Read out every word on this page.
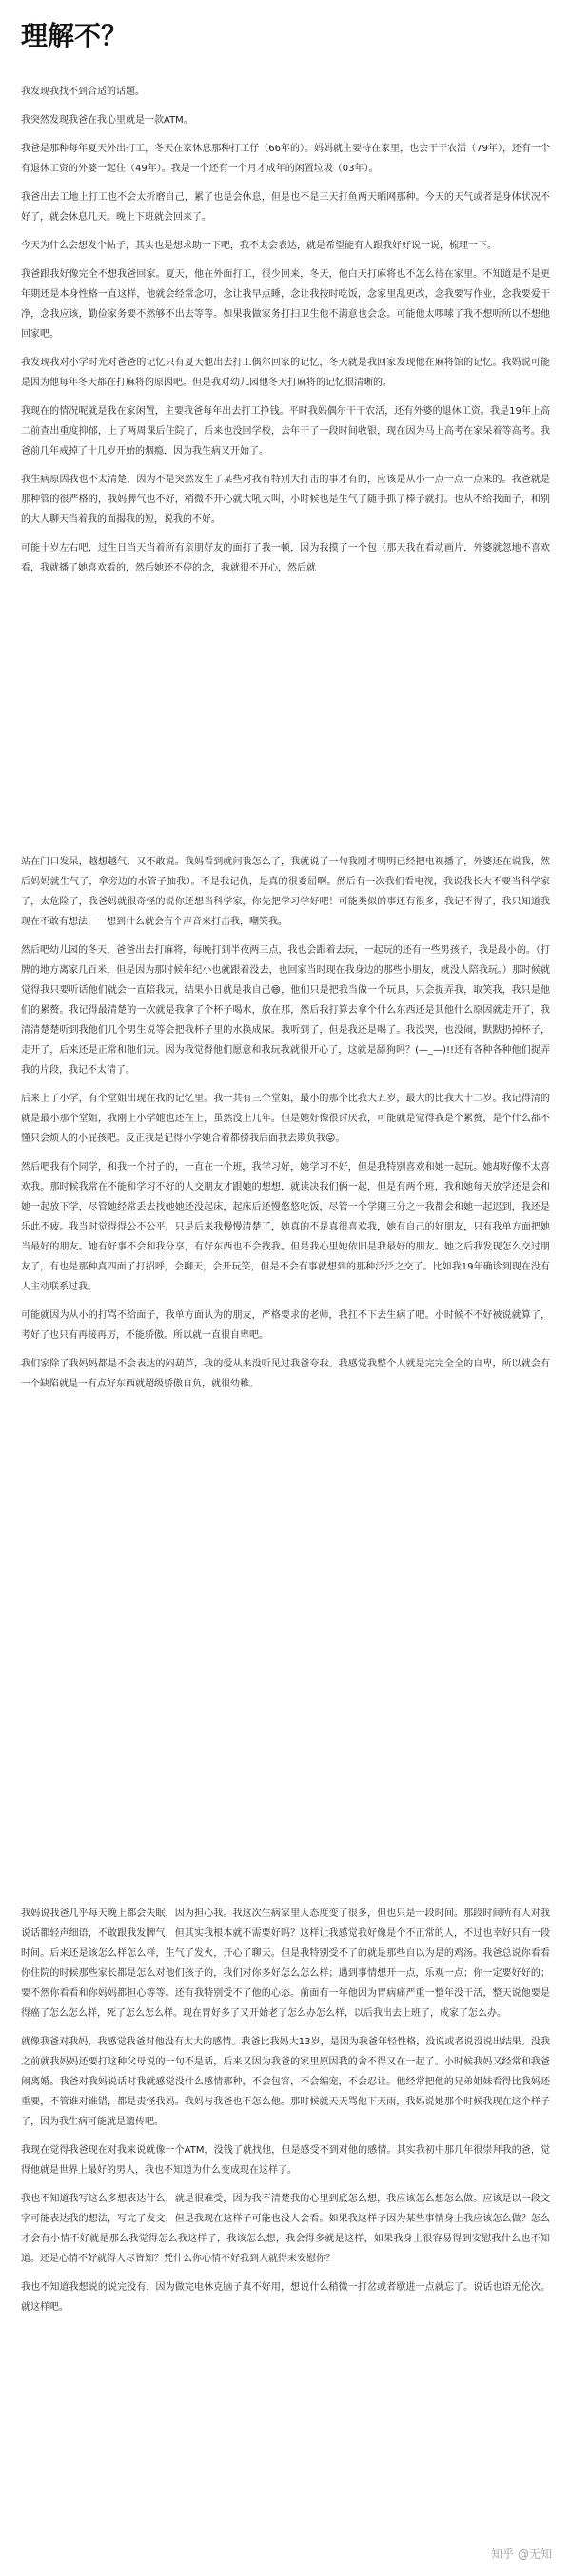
理解不？

我发现我找不到合适的话题。

我突然发现我爸在我心里就是一款ATM。

我爸是那种每年夏天外出打工，冬天在家休息那种打工仔（66年的）。妈妈就主要待在家里，也会干干农活（79年），还有一个有退休工资的外婆一起住（49年）。我是一个还有一个月才成年的闲置垃圾（03年）。

我爸出去工地上打工也不会太折磨自己，累了也是会休息，但是也不是三天打鱼两天晒网那种。今天的天气或者是身体状况不好了，就会休息几天。晚上下班就会回来了。

今天为什么会想发个帖子，其实也是想求助一下吧，我不太会表达，就是希望能有人跟我好好说一说，梳理一下。

我爸跟我好像完全不想我爸回家。夏天，他在外面打工，很少回来，冬天，他白天打麻将也不怎么待在家里。不知道是不是更年期还是本身性格一直这样，他就会经常念叨，念让我早点睡，念让我按时吃饭，念家里乱更改，念我要写作业，念我要爱干净，念我应该，勤俭家务要不然够不出去等等。如果我做家务打扫卫生他不满意也会念。可能他太啰嗦了我不想听所以不想他回家吧。

我发现我对小学时光对爸爸的记忆只有夏天他出去打工偶尔回家的记忆，冬天就是我回家发现他在麻将馆的记忆。我妈说可能是因为他每年冬天都在打麻将的原因吧。但是我对幼儿园他冬天打麻将的记忆很清晰的。

我现在的情况呢就是我在家闲置，主要我爸每年出去打工挣钱。平时我妈偶尔干干农活，还有外婆的退休工资。我是19年上高二前查出重度抑郁，上了两周课后住院了，后来也没回学校，去年干了一段时间收银，现在因为马上高考在家呆着等高考。我爸前几年戒掉了十几岁开始的烟瘾，因为我生病又开始了。

我生病原因我也不太清楚，因为不是突然发生了某些对我有特别大打击的事才有的，应该是从小一点一点一点来的。我爸就是那种管的很严格的，我妈脾气也不好，稍微不开心就大吼大叫，小时候也是生气了随手抓了棒子就打。也从不给我面子，和别的大人聊天当着我的面揭我的短，说我的不好。

可能十岁左右吧，过生日当天当着所有亲朋好友的面打了我一顿，因为我摸了一个包（那天我在看动画片，外婆就忽地不喜欢看，我就播了她喜欢看的，然后她还不停的念，我就很不开心，然后就

站在门口发呆，越想越气，又不敢说。我妈看到就问我怎么了，我就说了一句我刚才明明已经把电视播了，外婆还在说我，然后妈妈就生气了，拿旁边的水管子抽我）。不是我记仇，是真的很委屈啊。然后有一次我们看电视，我说我长大不要当科学家了，太危险了，我爸妈就很奇怪的说你还想当科学家，你先把学习学好吧！可能类似的事还有很多，我记不得了，我只知道我现在不敢有想法，一想到什么就会有个声音来打击我，嘲笑我。

然后吧幼儿园的冬天，爸爸出去打麻将，每晚打到半夜两三点，我也会跟着去玩，一起玩的还有一些男孩子，我是最小的。（打牌的地方离家几百米，但是因为那时候年纪小也就跟着没去，也回家当时现在我身边的那些小朋友，就没人陪我玩。）那时候就觉得我只要听话他们就会一直陪我玩，结果小日就是我自己😄，他们只是把我当做一个玩具，只会捉弄我，取笑我，我只是他们的累赘。我记得最清楚的一次就是我拿了个杯子喝水，放在那，然后我打算去拿个什么东西还是其他什么原因就走开了，我清清楚楚听到我他们几个男生说等会把我杯子里的水换成尿。我听到了，但是我还是喝了。我没哭，也没闹，默默扔掉杯子，走开了，后来还是正常和他们玩。因为我觉得他们愿意和我玩我就很开心了，这就是舔狗吗？(—_—)!!还有各种各种他们捉弄我的片段，我记不太清了。

后来上了小学，有个堂姐出现在我的记忆里。我一共有三个堂姐，最小的那个比我大五岁，最大的比我大十二岁。我记得清的就是最小那个堂姐，我刚上小学她也还在上，虽然没上几年。但是她好像很讨厌我，可能就是觉得我是个累赘，是个什么都不懂只会烦人的小屁孩吧。反正我是记得小学她合着都傍我后面我去欺负我😜。

然后吧我有个同学，和我一个村子的，一直在一个班，我学习好，她学习不好，但是我特别喜欢和她一起玩。她却好像不太喜欢我。那时候我常在不能和学习不好的人交朋友才跟她的想想，就读决我们俩一起，但是有两个班，我和她每天放学还是会和她一起放下学，尽管她经常丢去找她她还没起床，起床后还慢悠悠吃饭，尽管一个学期三分之一我都会和她一起迟到，我还是乐此不疲。我当时觉得得公不公平，只是后来我慢慢清楚了，她真的不是真很喜欢我，她有自己的好朋友，只有我单方面把她当最好的朋友。她有好事不会和我分享，有好东西也不会找我。但是我心里她依旧是我最好的朋友。她之后我发现怎么交过朋友了，有也是那种真四面了打招呼，会聊天，会开玩笑，但是不会有事就想到的那种泛泛之交了。比如我19年确诊到现在没有人主动联系过我。

可能就因为从小的打骂不给面子，我单方面认为的朋友，严格要求的老师，我扛不下去生病了吧。小时候不不好被说就算了，考好了也只有再接再厉，不能骄傲。所以就一直很自卑吧。

我们家除了我妈妈都是不会表达的闷葫芦，我的爱从来没听见过我爸夸我。我感觉我整个人就是完完全全的自卑，所以就会有一个缺陷就是一有点好东西就超级骄傲自负，就很幼稚。

我妈说我爸几乎每天晚上都会失眠，因为担心我。我这次生病家里人态度变了很多，但也只是一段时间。那段时间所有人对我说话都轻声细语，不敢跟我发脾气，但其实我根本就不需要好吗？这样让我感觉我好像是个不正常的人，不过也幸好只有一段时间。后来还是该怎么样怎么样，生气了发火，开心了聊天。但是我特别受不了的就是那些自以为是的鸡汤。我爸总说你看看你住院的时候那些家长都是怎么对他们孩子的，我们对你多好怎么怎么样；遇到事情想开一点，乐观一点；你一定要好好的；要不然你看看和你妈妈都担心等等。还有我特别受不了他的心态。前面有一年他因为胃病痛严重一整年没干活，整天说他要是得癌了怎么怎么样，死了怎么怎么样。现在胃好多了又开始老了怎么办怎么样，以后我出去上班了，成家了怎么办。

就像我爸对我妈，我感觉我爸对他没有太大的感情。我爸比我妈大13岁，是因为我爸年轻性格，没说或者说没说出结果。没我之前就我妈妈还要打这种父母说的一句不是话，后来又因为我爸的家里原因我的舍不得又在一起了。小时候我妈又经常和我爸闹离婚。我爸对我妈说话时我就感觉没什么感情那种，不会包容，不会编宠，不会忍让。他经常把他的兄弟姐妹看得比我妈还重要，不管谁对谁错，都是责怪我妈。我妈与我爸也不怎么他。那时候就天天骂他下天雨，我妈说她那个时候我现在这个样子了，因为我生病可能就是遗传吧。

我现在觉得我爸现在对我来说就像一个ATM，没钱了就找他，但是感受不到对他的感情。其实我初中那几年很崇拜我的爸，觉得他就是世界上最好的男人，我也不知道为什么变成现在这样了。

我也不知道我写这么多想表达什么，就是很难受，因为我不清楚我的心里到底怎么想，我应该怎么想怎么做。应该是以一段文字可能表达我的想法，写完了发文，但是我现在这样子可能也没人会看。如果我这样子因为某些事情身上我应该怎么做？怎么才会有小情不好就是那么我觉得怎么我这样子，我该怎么想，我会得多就是这样，如果我身上很容易得到安慰我什么也不知道。还是心情不好就得人尽皆知？凭什么你心情不好我到人就得来安慰你？

我也不知道我想说的说完没有，因为做完电休克脑子真不好用，想说什么稍微一打岔或者歇进一点就忘了。说话也语无伦次。就这样吧。

知乎 @无知
